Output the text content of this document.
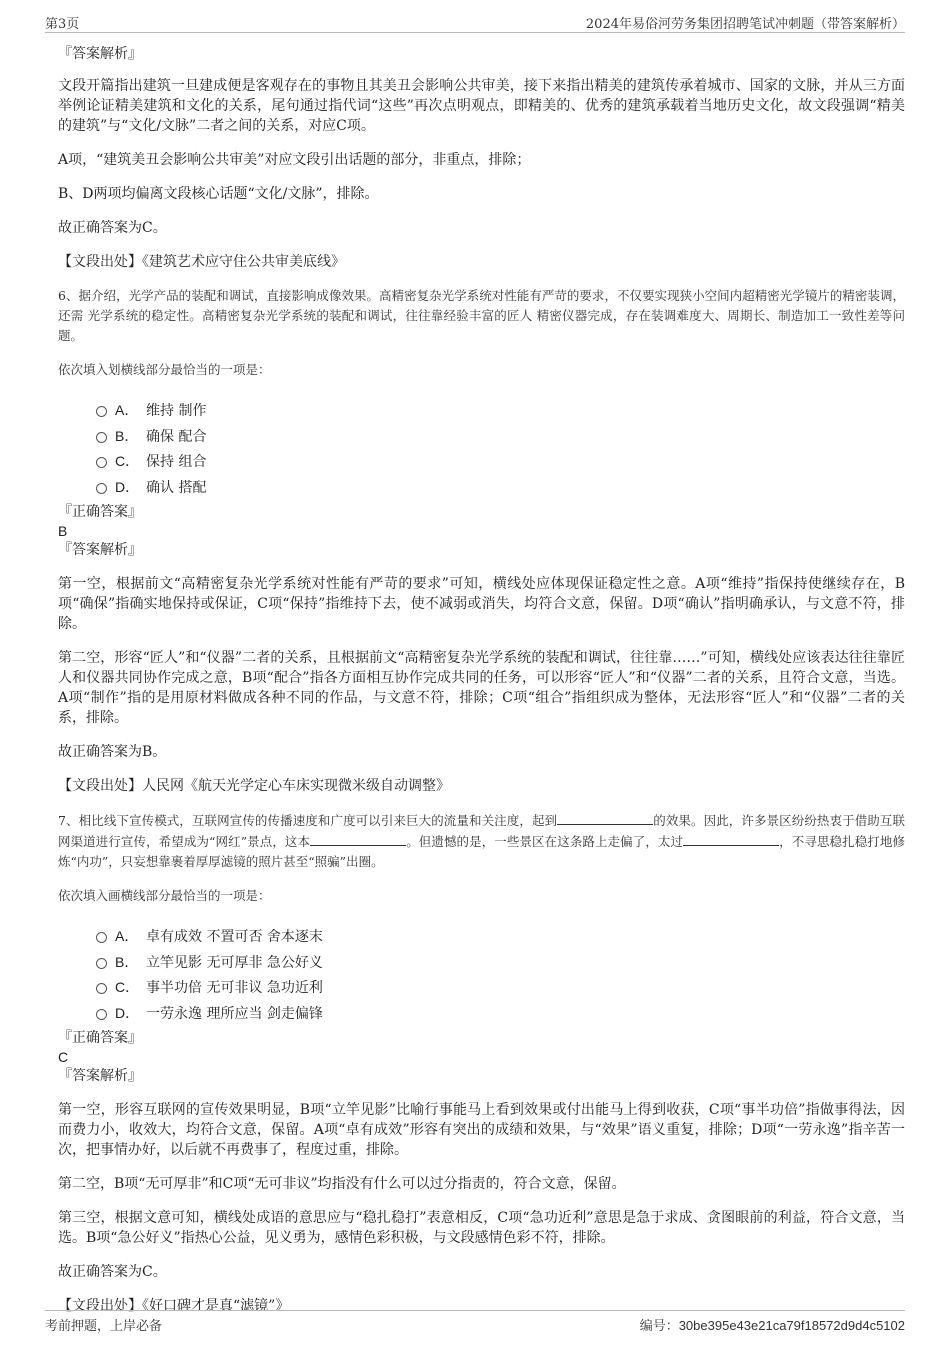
第3页	2024年易俗河劳务集团招聘笔试冲刺题（带答案解析）

『答案解析』

文段开篇指出建筑一旦建成便是客观存在的事物且其美丑会影响公共审美，接下来指出精美的建筑传承着城市、国家的文脉，并从三方面举例论证精美建筑和文化的关系，尾句通过指代词“这些”再次点明观点，即精美的、优秀的建筑承载着当地历史文化，故文段强调“精美的建筑”与“文化/文脉”二者之间的关系，对应C项。

A项，“建筑美丑会影响公共审美”对应文段引出话题的部分，非重点，排除；

B、D两项均偏离文段核心话题“文化/文脉”，排除。

故正确答案为C。

【文段出处】《建筑艺术应守住公共审美底线》

6、据介绍，光学产品的装配和调试，直接影响成像效果。高精密复杂光学系统对性能有严苛的要求，不仅要实现狭小空间内超精密光学镜片的精密装调，还需 光学系统的稳定性。高精密复杂光学系统的装配和调试，往往靠经验丰富的匠人 精密仪器完成，存在装调难度大、周期长、制造加工一致性差等问题。

依次填入划横线部分最恰当的一项是：

A． 维持 制作
B． 确保 配合
C． 保持 组合
D． 确认 搭配

『正确答案』

B

『答案解析』

第一空，根据前文“高精密复杂光学系统对性能有严苛的要求”可知，横线处应体现保证稳定性之意。A项“维持”指保持使继续存在，B项“确保”指确实地保持或保证，C项“保持”指维持下去，使不减弱或消失，均符合文意，保留。D项“确认”指明确承认，与文意不符，排除。

第二空，形容“匠人”和“仪器”二者的关系，且根据前文“高精密复杂光学系统的装配和调试，往往靠……”可知，横线处应该表达往往靠匠人和仪器共同协作完成之意，B项“配合”指各方面相互协作完成共同的任务，可以形容“匠人”和“仪器”二者的关系，且符合文意，当选。A项“制作”指的是用原材料做成各种不同的作品，与文意不符，排除；C项“组合”指组织成为整体，无法形容“匠人”和“仪器”二者的关系，排除。

故正确答案为B。

【文段出处】人民网《航天光学定心车床实现微米级自动调整》

7、相比线下宣传模式，互联网宣传的传播速度和广度可以引来巨大的流量和关注度，起到	的效果。因此，许多景区纷纷热衷于借助互联网渠道进行宣传，希望成为“网红”景点，这本	。但遗憾的是，一些景区在这条路上走偏了，太过	，不寻思稳扎稳打地修炼“内功”，只妄想靠裹着厚厚滤镜的照片甚至“照骗”出圈。

依次填入画横线部分最恰当的一项是：

A． 卓有成效 不置可否 舍本逐末
B． 立竿见影 无可厚非 急公好义
C． 事半功倍 无可非议 急功近利
D． 一劳永逸 理所应当 剑走偏锋

『正确答案』

C

『答案解析』

第一空，形容互联网的宣传效果明显，B项“立竿见影”比喻行事能马上看到效果或付出能马上得到收获，C项“事半功倍”指做事得法，因而费力小，收效大，均符合文意，保留。A项“卓有成效”形容有突出的成绩和效果，与“效果”语义重复，排除；D项“一劳永逸”指辛苦一次，把事情办好，以后就不再费事了，程度过重，排除。

第二空，B项“无可厚非”和C项“无可非议”均指没有什么可以过分指责的，符合文意，保留。

第三空，根据文意可知，横线处成语的意思应与“稳扎稳打”表意相反，C项“急功近利”意思是急于求成、贪图眼前的利益，符合文意，当选。B项“急公好义”指热心公益，见义勇为，感情色彩积极，与文段感情色彩不符，排除。

故正确答案为C。

【文段出处】《好口碑才是真“滤镜”》

考前押题，上岸必备	编号：30be395e43e21ca79f18572d9d4c5102
